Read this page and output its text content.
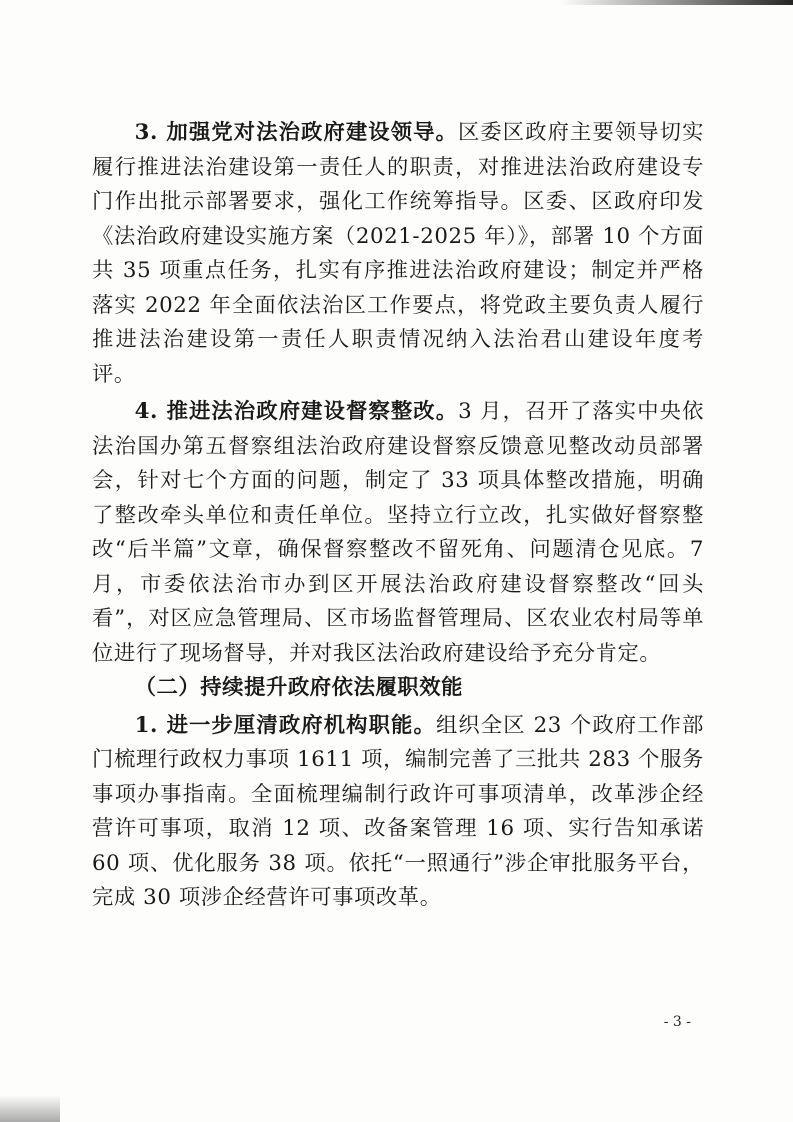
3. 加强党对法治政府建设领导。区委区政府主要领导切实履行推进法治建设第一责任人的职责，对推进法治政府建设专门作出批示部署要求，强化工作统筹指导。区委、区政府印发《法治政府建设实施方案（2021-2025 年）》，部署 10 个方面共 35 项重点任务，扎实有序推进法治政府建设；制定并严格落实 2022 年全面依法治区工作要点，将党政主要负责人履行推进法治建设第一责任人职责情况纳入法治君山建设年度考评。

4. 推进法治政府建设督察整改。3 月，召开了落实中央依法治国办第五督察组法治政府建设督察反馈意见整改动员部署会，针对七个方面的问题，制定了 33 项具体整改措施，明确了整改牵头单位和责任单位。坚持立行立改，扎实做好督察整改“后半篇”文章，确保督察整改不留死角、问题清仓见底。7 月，市委依法治市办到区开展法治政府建设督察整改“回头看”，对区应急管理局、区市场监督管理局、区农业农村局等单位进行了现场督导，并对我区法治政府建设给予充分肯定。

（二）持续提升政府依法履职效能

1. 进一步厘清政府机构职能。组织全区 23 个政府工作部门梳理行政权力事项 1611 项，编制完善了三批共 283 个服务事项办事指南。全面梳理编制行政许可事项清单，改革涉企经营许可事项，取消 12 项、改备案管理 16 项、实行告知承诺 60 项、优化服务 38 项。依托“一照通行”涉企审批服务平台，完成 30 项涉企经营许可事项改革。

- 3 -
